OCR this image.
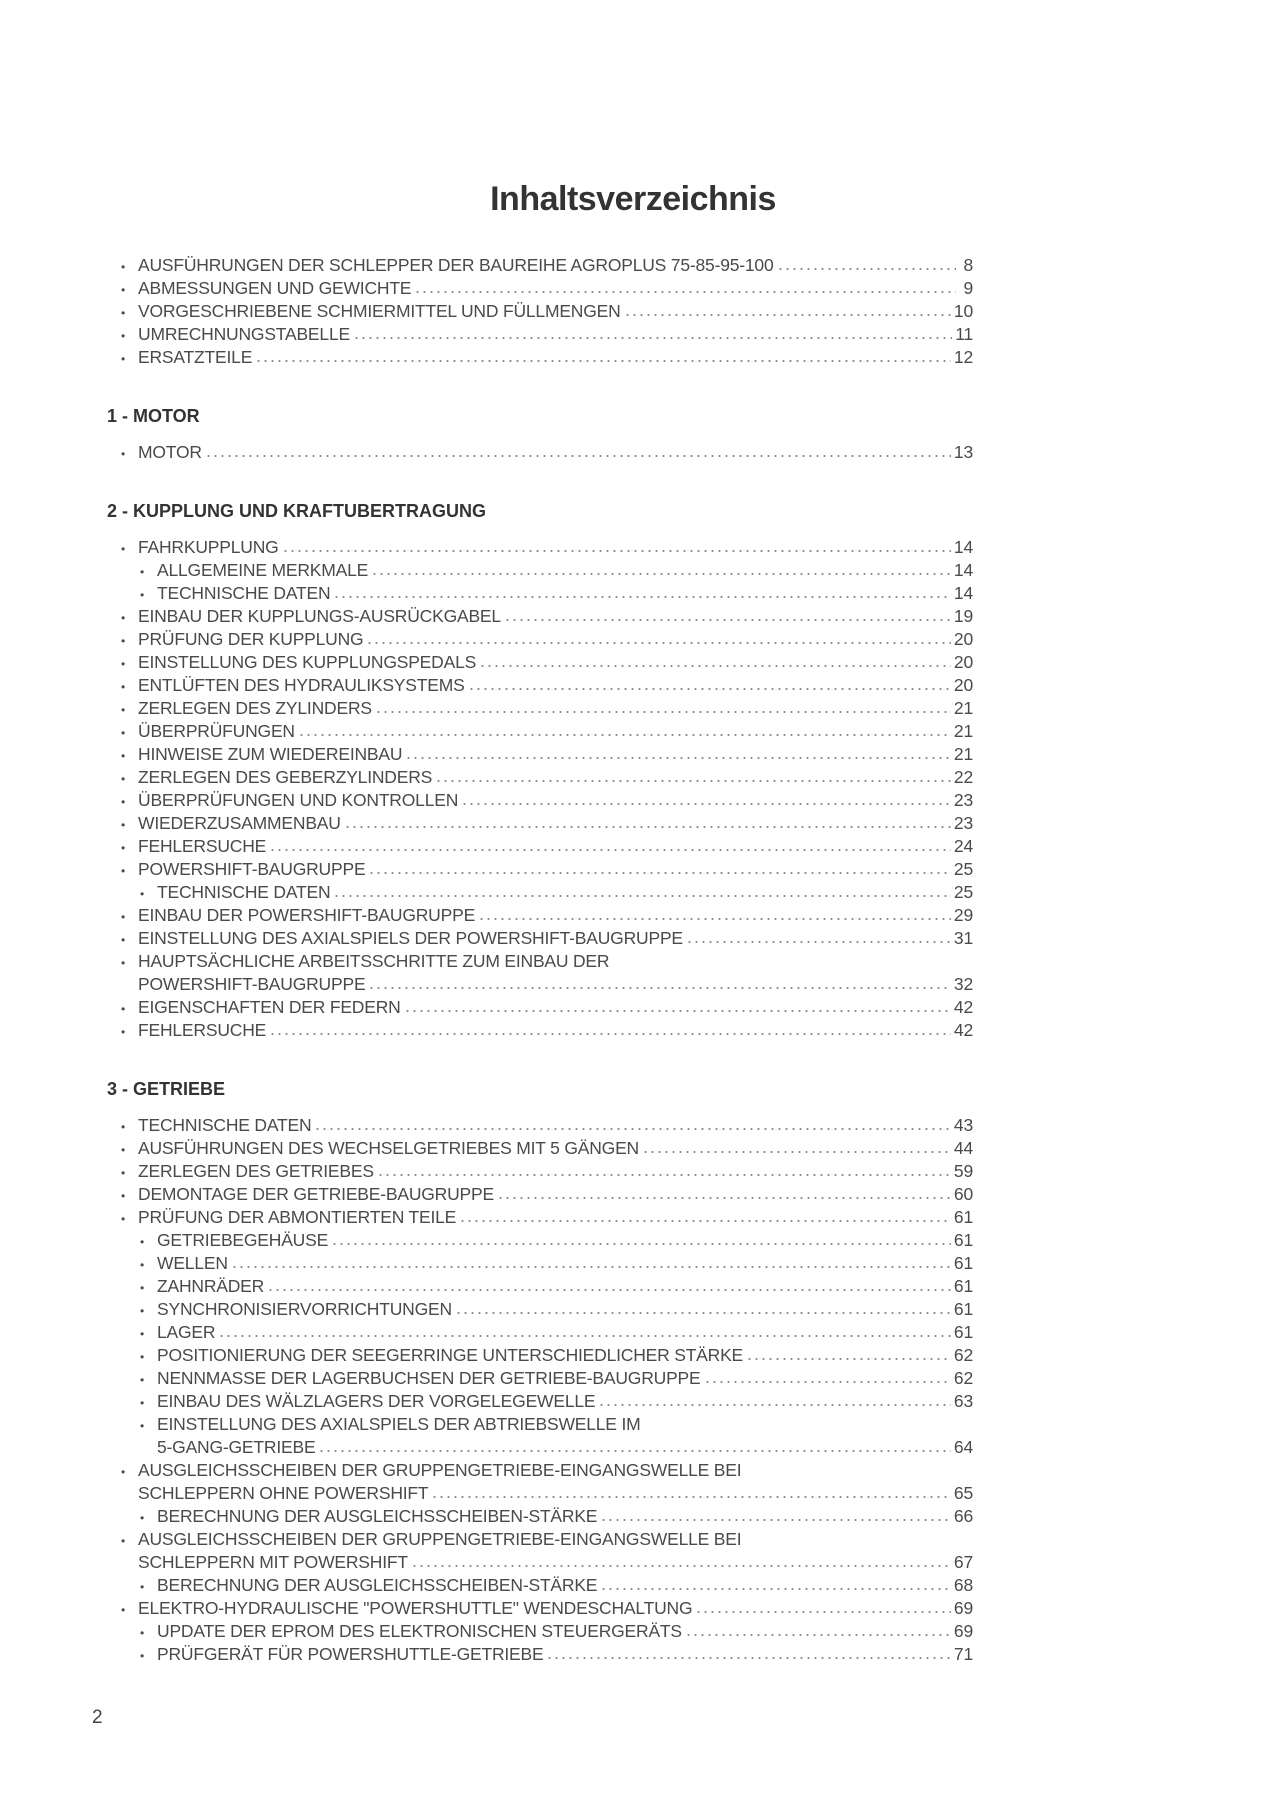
Inhaltsverzeichnis
• AUSFÜHRUNGEN DER SCHLEPPER DER BAUREIHE AGROPLUS 75-85-95-100	8
• ABMESSUNGEN UND GEWICHTE	9
• VORGESCHRIEBENE SCHMIERMITTEL UND FÜLLMENGEN	10
• UMRECHNUNGSTABELLE	11
• ERSATZTEILE	12
1 - MOTOR
• MOTOR	13
2 - KUPPLUNG UND KRAFTUBERTRAGUNG
• FAHRKUPPLUNG	14
• ALLGEMEINE MERKMALE	14
• TECHNISCHE DATEN	14
• EINBAU DER KUPPLUNGS-AUSRÜCKGABEL	19
• PRÜFUNG DER KUPPLUNG	20
• EINSTELLUNG DES KUPPLUNGSPEDALS	20
• ENTLÜFTEN DES HYDRAULIKSYSTEMS	20
• ZERLEGEN DES ZYLINDERS	21
• ÜBERPRÜFUNGEN	21
• HINWEISE ZUM WIEDEREINBAU	21
• ZERLEGEN DES GEBERZYLINDERS	22
• ÜBERPRÜFUNGEN UND KONTROLLEN	23
• WIEDERZUSAMMENBAU	23
• FEHLERSUCHE	24
• POWERSHIFT-BAUGRUPPE	25
• TECHNISCHE DATEN	25
• EINBAU DER POWERSHIFT-BAUGRUPPE	29
• EINSTELLUNG DES AXIALSPIELS DER POWERSHIFT-BAUGRUPPE	31
• HAUPTSÄCHLICHE ARBEITSSCHRITTE ZUM EINBAU DER
POWERSHIFT-BAUGRUPPE	32
• EIGENSCHAFTEN DER FEDERN	42
• FEHLERSUCHE	42
3 - GETRIEBE
• TECHNISCHE DATEN	43
• AUSFÜHRUNGEN DES WECHSELGETRIEBES MIT 5 GÄNGEN	44
• ZERLEGEN DES GETRIEBES	59
• DEMONTAGE DER GETRIEBE-BAUGRUPPE	60
• PRÜFUNG DER ABMONTIERTEN TEILE	61
• GETRIEBEGEHÄUSE	61
• WELLEN	61
• ZAHNRÄDER	61
• SYNCHRONISIERVORRICHTUNGEN	61
• LAGER	61
• POSITIONIERUNG DER SEEGERRINGE UNTERSCHIEDLICHER STÄRKE	62
• NENNMASSE DER LAGERBUCHSEN DER GETRIEBE-BAUGRUPPE	62
• EINBAU DES WÄLZLAGERS DER VORGELEGEWELLE	63
• EINSTELLUNG DES AXIALSPIELS DER ABTRIEBSWELLE IM
5-GANG-GETRIEBE	64
• AUSGLEICHSSCHEIBEN DER GRUPPENGETRIEBE-EINGANGSWELLE BEI
SCHLEPPERN OHNE POWERSHIFT	65
• BERECHNUNG DER AUSGLEICHSSCHEIBEN-STÄRKE	66
• AUSGLEICHSSCHEIBEN DER GRUPPENGETRIEBE-EINGANGSWELLE BEI
SCHLEPPERN MIT POWERSHIFT	67
• BERECHNUNG DER AUSGLEICHSSCHEIBEN-STÄRKE	68
• ELEKTRO-HYDRAULISCHE "POWERSHUTTLE" WENDESCHALTUNG	69
• UPDATE DER EPROM DES ELEKTRONISCHEN STEUERGERÄTS	69
• PRÜFGERÄT FÜR POWERSHUTTLE-GETRIEBE	71
2
